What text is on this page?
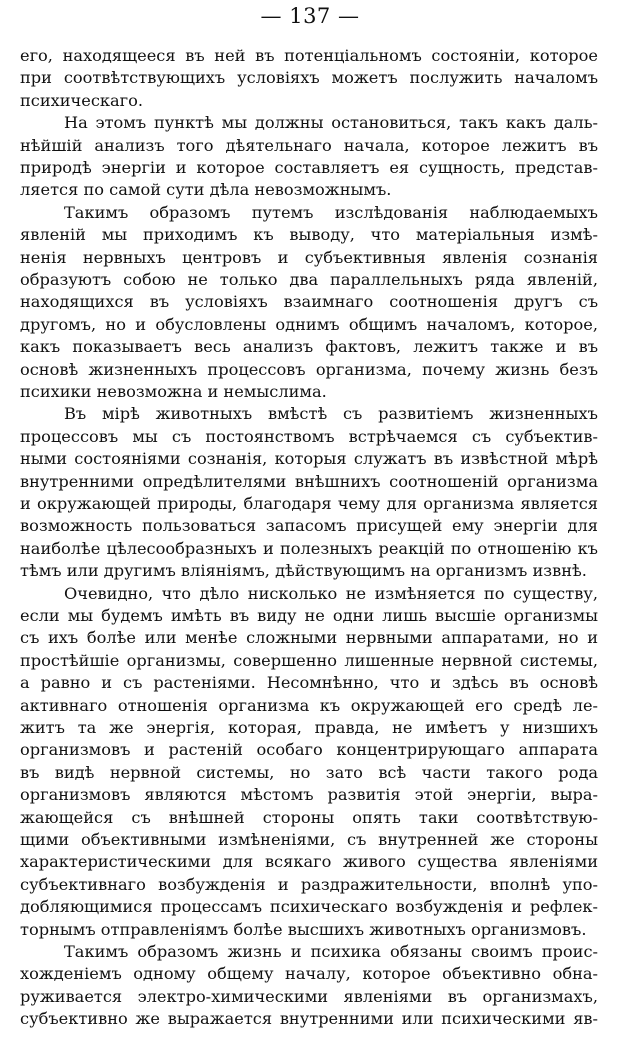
— 137 —
его, находящееся въ ней въ потенціальномъ состояніи, которое
при соотвѣтствующихъ условіяхъ можетъ послужить началомъ
психическаго.
На этомъ пунктѣ мы должны остановиться, такъ какъ даль-
нѣйшій анализъ того дѣятельнаго начала, которое лежитъ въ
природѣ энергіи и которое составляетъ ея сущность, представ-
ляется по самой сути дѣла невозможнымъ.
Такимъ образомъ путемъ изслѣдованія наблюдаемыхъ
явленій мы приходимъ къ выводу, что матеріальныя измѣ-
ненія нервныхъ центровъ и субъективныя явленія сознанія
образуютъ собою не только два параллельныхъ ряда явленій,
находящихся въ условіяхъ взаимнаго соотношенія другъ съ
другомъ, но и обусловлены однимъ общимъ началомъ, которое,
какъ показываетъ весь анализъ фактовъ, лежитъ также и въ
основѣ жизненныхъ процессовъ организма, почему жизнь безъ
психики невозможна и немыслима.
Въ мірѣ животныхъ вмѣстѣ съ развитіемъ жизненныхъ
процессовъ мы съ постоянствомъ встрѣчаемся съ субъектив-
ными состояніями сознанія, которыя служатъ въ извѣстной мѣрѣ
внутренними опредѣлителями внѣшнихъ соотношеній организма
и окружающей природы, благодаря чему для организма является
возможность пользоваться запасомъ присущей ему энергіи для
наиболѣе цѣлесообразныхъ и полезныхъ реакцій по отношенію къ
тѣмъ или другимъ вліяніямъ, дѣйствующимъ на организмъ извнѣ.
Очевидно, что дѣло нисколько не измѣняется по существу,
если мы будемъ имѣть въ виду не одни лишь высшіе организмы
съ ихъ болѣе или менѣе сложными нервными аппаратами, но и
простѣйшіе организмы, совершенно лишенные нервной системы,
а равно и съ растеніями. Несомнѣнно, что и здѣсь въ основѣ
активнаго отношенія организма къ окружающей его средѣ ле-
житъ та же энергія, которая, правда, не имѣетъ у низшихъ
организмовъ и растеній особаго концентрирующаго аппарата
въ видѣ нервной системы, но зато всѣ части такого рода
организмовъ являются мѣстомъ развитія этой энергіи, выра-
жающейся съ внѣшней стороны опять таки соотвѣтствую-
щими объективными измѣненіями, съ внутренней же стороны
характеристическими для всякаго живого существа явленіями
субъективнаго возбужденія и раздражительности, вполнѣ упо-
добляющимися процессамъ психическаго возбужденія и рефлек-
торнымъ отправленіямъ болѣе высшихъ животныхъ организмовъ.
Такимъ образомъ жизнь и психика обязаны своимъ проис-
хожденіемъ одному общему началу, которое объективно обна-
руживается электро-химическими явленіями въ организмахъ,
субъективно же выражается внутренними или психическими яв-
